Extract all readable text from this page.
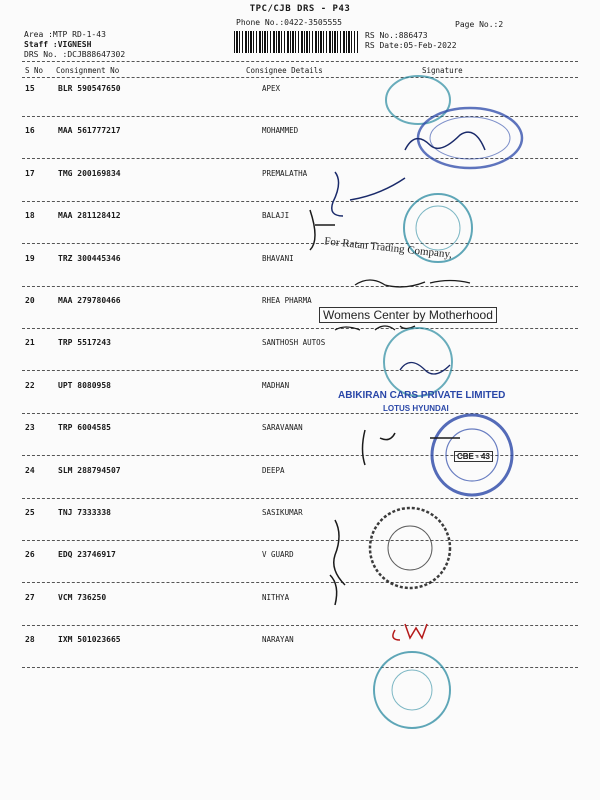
TPC/CJB DRS - P43
Phone No.:0422-3505555	Page No.:2
Area :MTP RD-1-43
Staff :VIGNESH
DRS No. :DCJB88647302
RS No.:886473
RS Date:05-Feb-2022
S No Consignment No	Consignee Details	Signature
15	BLR 590547650	APEX
16	MAA 561777217	MOHAMMED
17	TMG 200169834	PREMALATHA
18	MAA 281128412	BALAJI
19	TRZ 300445346	BHAVANI
20	MAA 279780466	RHEA PHARMA
21	TRP 5517243	SANTHOSH AUTOS
22	UPT 8080958	MADHAN
23	TRP 6004585	SARAVANAN
24	SLM 288794507	DEEPA
25	TNJ 7333338	SASIKUMAR
26	EDQ 23746917	V GUARD
27	VCM 736250	NITHYA
28	IXM 501023665	NARAYAN
For Ratan Trading Company,
Womens Center by Motherhood
ABIKIRAN CARS PRIVATE LIMITED
LOTUS HYUNDAI
CBE - 43
